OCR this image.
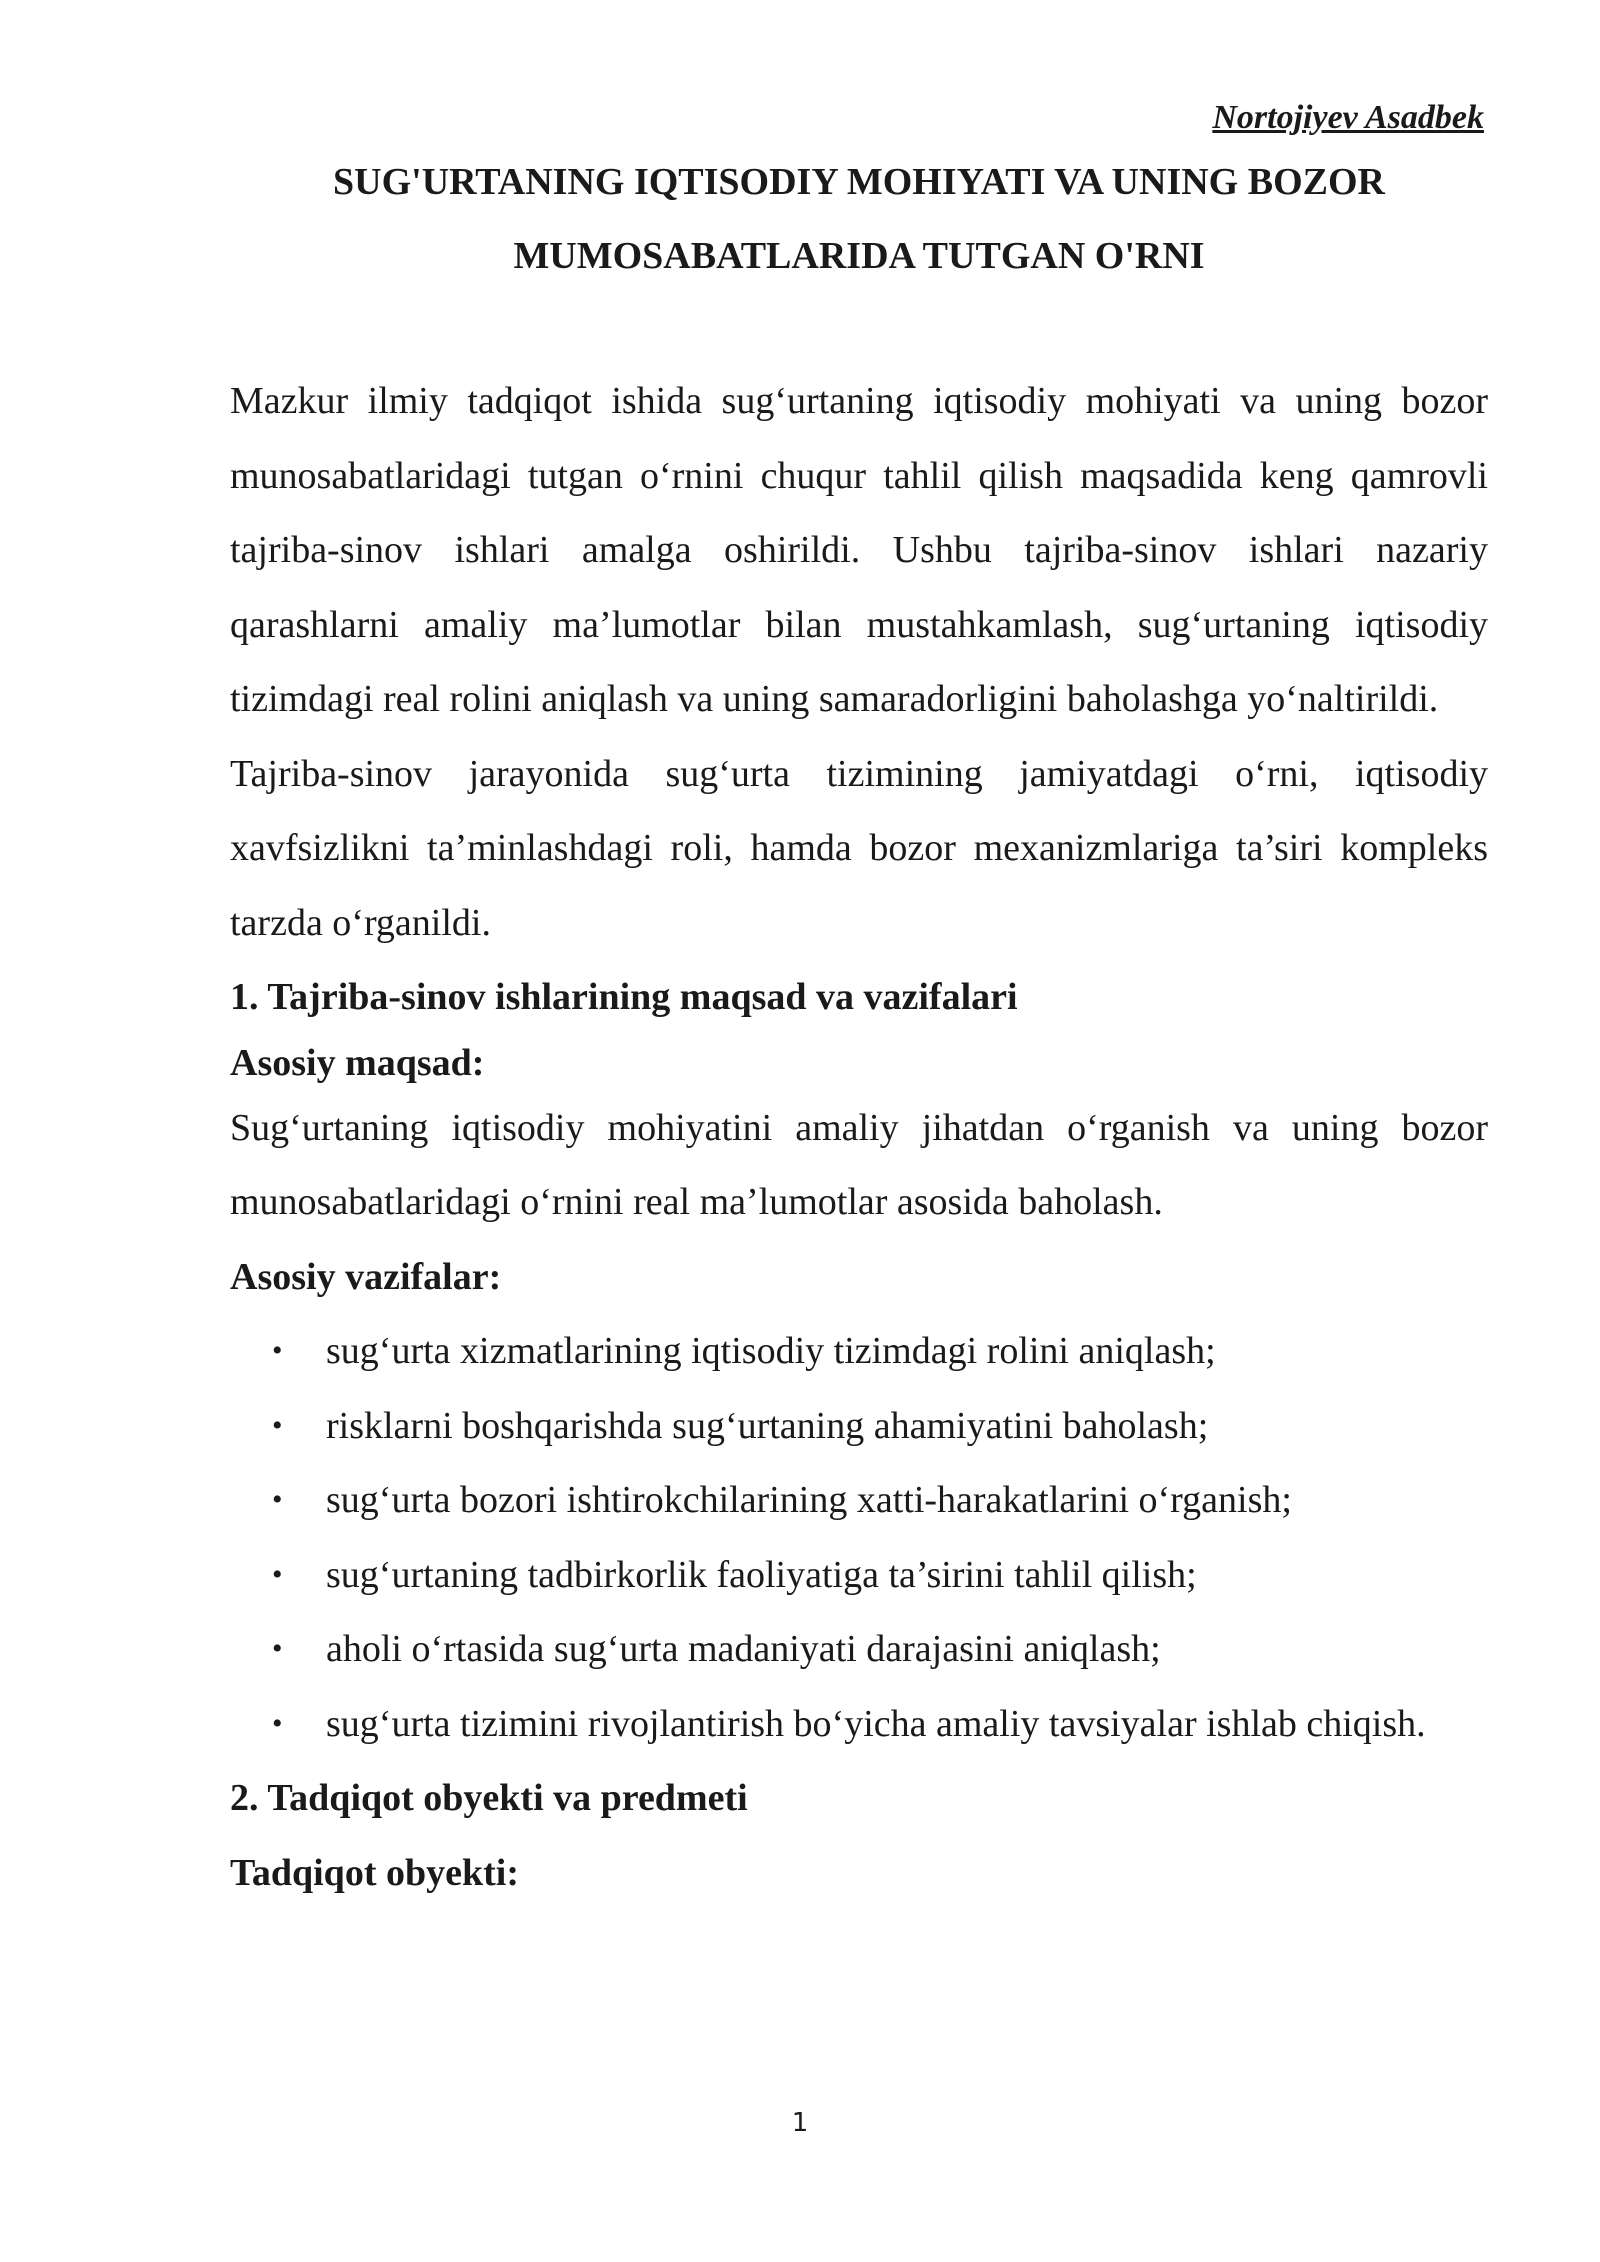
Nortojiyev Asadbek
SUG'URTANING IQTISODIY MOHIYATI VA UNING BOZOR
MUMOSABATLARIDA TUTGAN O'RNI

Mazkur ilmiy tadqiqot ishida sug‘urtaning iqtisodiy mohiyati va uning bozor munosabatlaridagi tutgan o‘rnini chuqur tahlil qilish maqsadida keng qamrovli tajriba-sinov ishlari amalga oshirildi. Ushbu tajriba-sinov ishlari nazariy qarashlarni amaliy ma’lumotlar bilan mustahkamlash, sug‘urtaning iqtisodiy tizimdagi real rolini aniqlash va uning samaradorligini baholashga yo‘naltirildi.

Tajriba-sinov jarayonida sug‘urta tizimining jamiyatdagi o‘rni, iqtisodiy xavfsizlikni ta’minlashdagi roli, hamda bozor mexanizmlariga ta’siri kompleks tarzda o‘rganildi.

1. Tajriba-sinov ishlarining maqsad va vazifalari
Asosiy maqsad:

Sug‘urtaning iqtisodiy mohiyatini amaliy jihatdan o‘rganish va uning bozor munosabatlaridagi o‘rnini real ma’lumotlar asosida baholash.

Asosiy vazifalar:
• sug‘urta xizmatlarining iqtisodiy tizimdagi rolini aniqlash;
• risklarni boshqarishda sug‘urtaning ahamiyatini baholash;
• sug‘urta bozori ishtirokchilarining xatti-harakatlarini o‘rganish;
• sug‘urtaning tadbirkorlik faoliyatiga ta’sirini tahlil qilish;
• aholi o‘rtasida sug‘urta madaniyati darajasini aniqlash;
• sug‘urta tizimini rivojlantirish bo‘yicha amaliy tavsiyalar ishlab chiqish.
2. Tadqiqot obyekti va predmeti
Tadqiqot obyekti:
1
